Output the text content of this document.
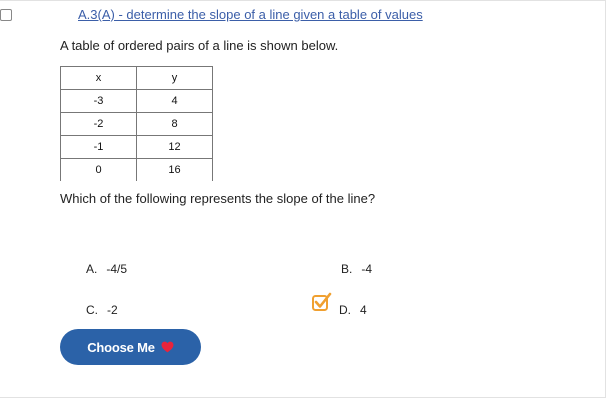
A.3(A) - determine the slope of a line given a table of values
A table of ordered pairs of a line is shown below.
x	y
-3	4
-2	8
-1	12
0	16
Which of the following represents the slope of the line?
A. -4/5	B. -4
C. -2	D. 4
Choose Me
